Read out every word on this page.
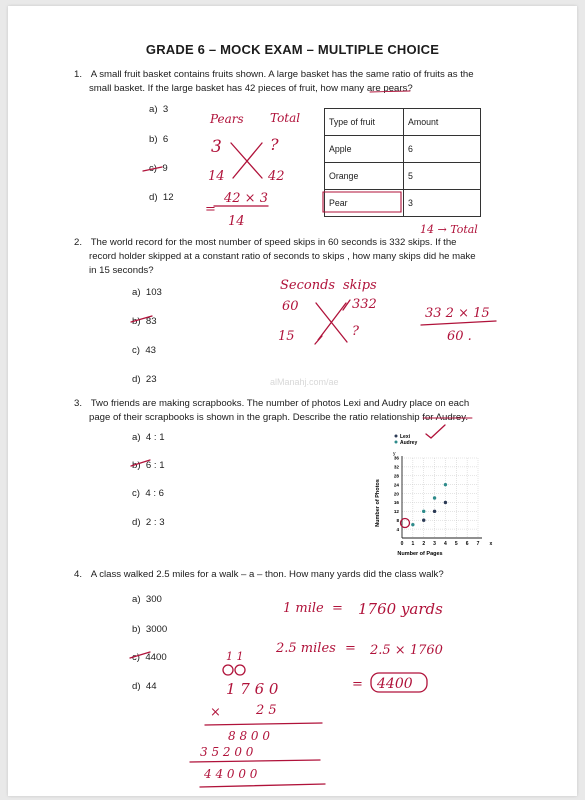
GRADE 6 – MOCK EXAM – MULTIPLE CHOICE
1. A small fruit basket contains fruits shown. A large basket has the same ratio of fruits as the
small basket. If the large basket has 42 pieces of fruit, how many are pears?
a) 3
b) 6
c) 9
d) 12
Type of fruit	Amount
Apple	6
Orange	5
Pear	3
2. The world record for the most number of speed skips in 60 seconds is 332 skips. If the
record holder skipped at a constant ratio of seconds to skips , how many skips did he make
in 15 seconds?
a) 103
b) 83
c) 43
d) 23	alManahj.com/ae
3. Two friends are making scrapbooks. The number of photos Lexi and Audry place on each
page of their scrapbooks is shown in the graph. Describe the ratio relationship for Audrey.
a) 4 : 1
b) 6 : 1
c) 4 : 6
d) 2 : 3
0 1 2 3 4 5 6 7 x
4
8
12
16
20
24
28
32
36
Lexi
Audrey
Number of Pages
Number of Photos
y
4. A class walked 2.5 miles for a walk – a – thon. How many yards did the class walk?
a) 300
b) 3000
c) 4400
d) 44
Pears Total
3	?
14	42
=
42 × 3
14
14 → Total
Seconds skips
60	332
15	?
33 2 × 15
60 .
1 mile = 1760 yards
2.5 miles = 2.5 × 1760
= 4400
1 1
1 7 6 0
×	2 5
8 8 0 0
3 5 2 0 0
4 4 0 0 0
